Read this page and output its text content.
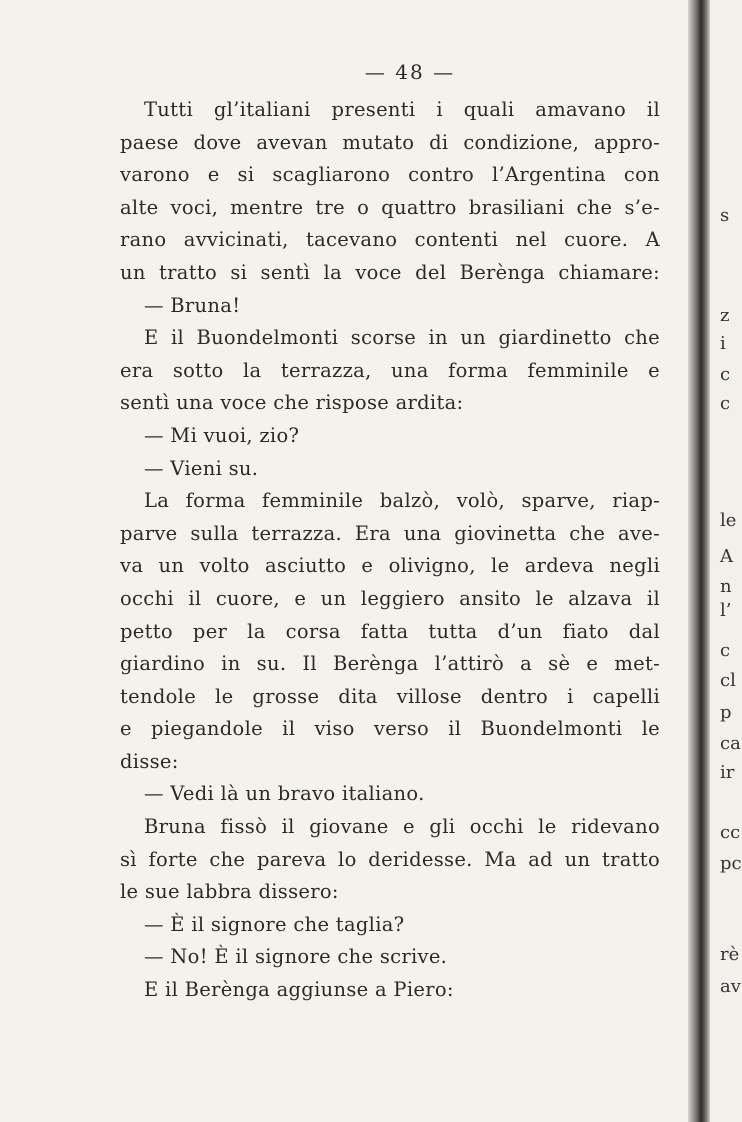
— 48 —
Tutti gl’italiani presenti i quali amavano il
paese dove avevan mutato di condizione, appro-
varono e si scagliarono contro l’Argentina con
alte voci, mentre tre o quattro brasiliani che s’e-
rano avvicinati, tacevano contenti nel cuore. A
un tratto si sentì la voce del Berènga chiamare:
— Bruna!
E il Buondelmonti scorse in un giardinetto che
era sotto la terrazza, una forma femminile e
sentì una voce che rispose ardita:
— Mi vuoi, zio?
— Vieni su.
La forma femminile balzò, volò, sparve, riap-
parve sulla terrazza. Era una giovinetta che ave-
va un volto asciutto e olivigno, le ardeva negli
occhi il cuore, e un leggiero ansito le alzava il
petto per la corsa fatta tutta d’un fiato dal
giardino in su. Il Berènga l’attirò a sè e met-
tendole le grosse dita villose dentro i capelli
e piegandole il viso verso il Buondelmonti le
disse:
— Vedi là un bravo italiano.
Bruna fissò il giovane e gli occhi le ridevano
sì forte che pareva lo deridesse. Ma ad un tratto
le sue labbra dissero:
— È il signore che taglia?
— No! È il signore che scrive.
E il Berènga aggiunse a Piero:
s
z
i
c
c
le
A
n
l’
c
cl
p
ca
ir
cc
pc
rè
av
